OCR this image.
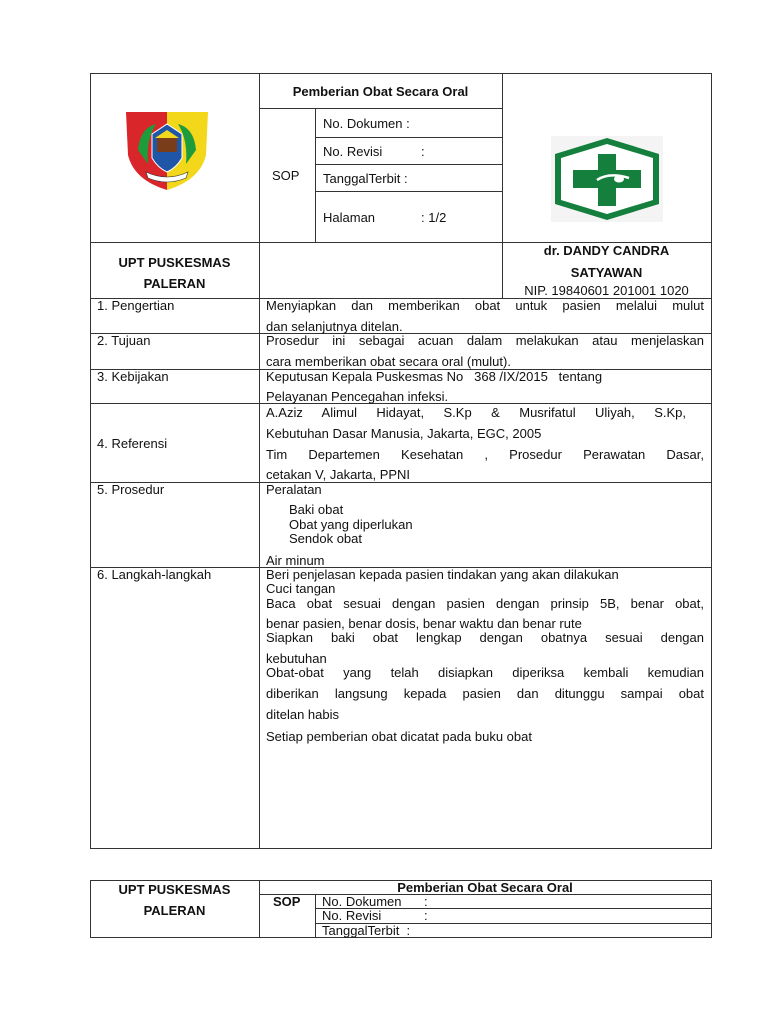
Pemberian Obat Secara Oral
SOP
No. Dokumen :
No. Revisi	:
TanggalTerbit :
Halaman	: 1/2
UPT PUSKESMAS
PALERAN
dr. DANDY CANDRA
SATYAWAN
NIP. 19840601 201001 1020
1. Pengertian	Menyiapkan dan memberikan obat untuk pasien melalui mulut
dan selanjutnya ditelan.
2. Tujuan	Prosedur ini sebagai acuan dalam melakukan atau menjelaskan
cara memberikan obat secara oral (mulut).
3. Kebijakan	Keputusan Kepala Puskesmas No   368 /IX/2015   tentang
Pelayanan Pencegahan infeksi.
4. Referensi
A.Aziz Alimul Hidayat, S.Kp & Musrifatul Uliyah, S.Kp,
Kebutuhan Dasar Manusia, Jakarta, EGC, 2005
Tim Departemen Kesehatan , Prosedur Perawatan Dasar,
cetakan V, Jakarta, PPNI
5. Prosedur	Peralatan
Baki obat
Obat yang diperlukan
Sendok obat
Air minum
6. Langkah-langkah	Beri penjelasan kepada pasien tindakan yang akan dilakukan
Cuci tangan
Baca obat sesuai dengan pasien dengan prinsip 5B, benar obat,
benar pasien, benar dosis, benar waktu dan benar rute
Siapkan baki obat lengkap dengan obatnya sesuai dengan
kebutuhan
Obat-obat yang telah disiapkan diperiksa kembali kemudian
diberikan langsung kepada pasien dan ditunggu sampai obat
ditelan habis
Setiap pemberian obat dicatat pada buku obat
UPT PUSKESMAS
PALERAN
Pemberian Obat Secara Oral
SOP No. Dokumen :
No. Revisi	:
TanggalTerbit  :
